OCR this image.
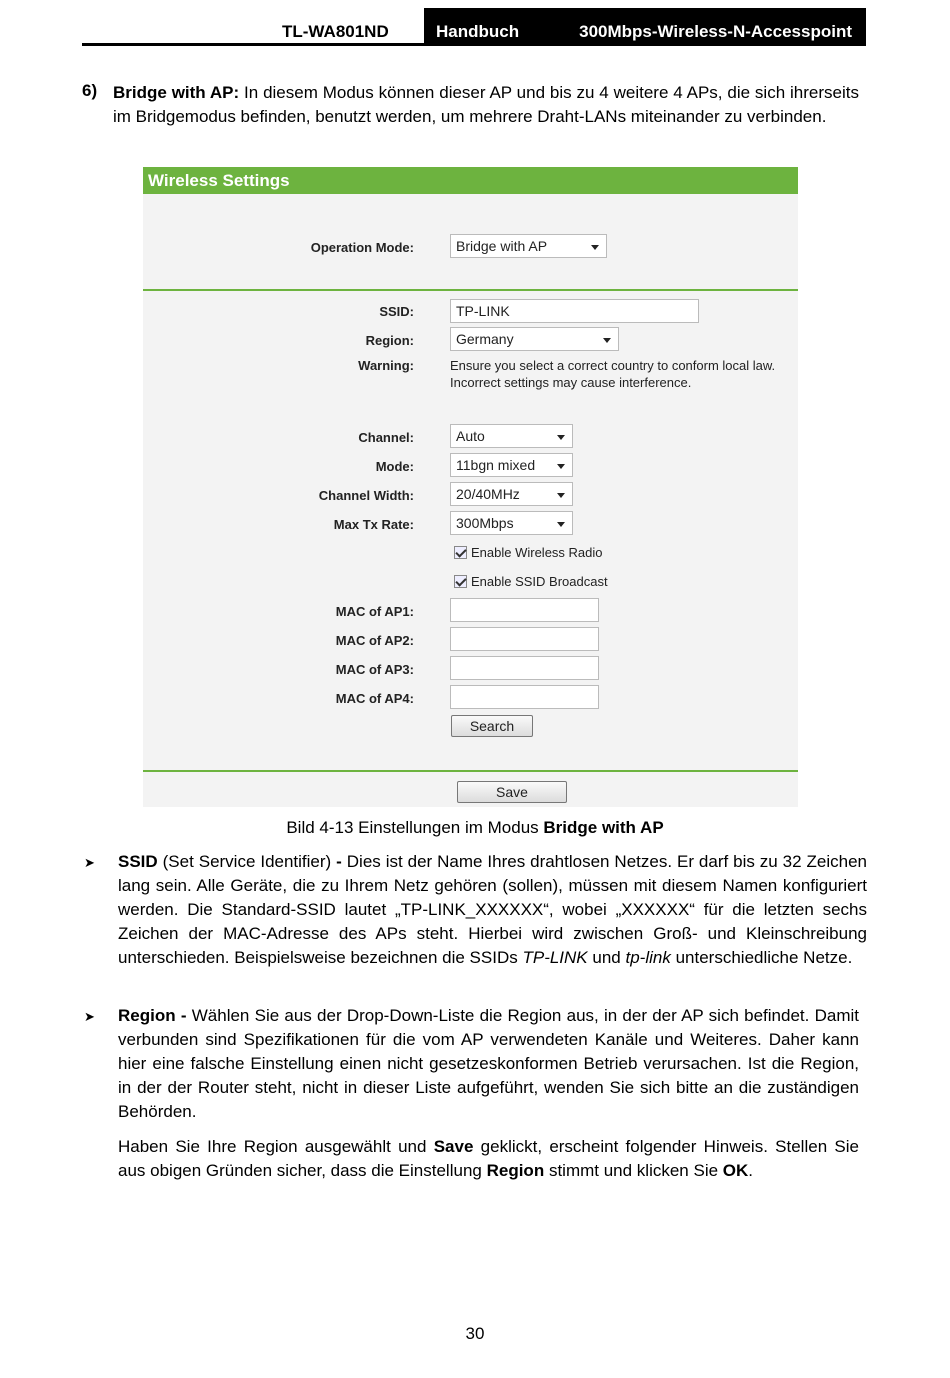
TL-WA801ND	Handbuch	300Mbps-Wireless-N-Accesspoint
6) Bridge with AP: In diesem Modus können dieser AP und bis zu 4 weitere 4 APs, die sich ihrerseits im Bridgemodus befinden, benutzt werden, um mehrere Draht-LANs miteinander zu verbinden.

Wireless Settings
Operation Mode:	Bridge with AP
SSID:	TP-LINK
Region:	Germany
Warning:	Ensure you select a correct country to conform local law.
Incorrect settings may cause interference.
Channel:	Auto
Mode:	11bgn mixed
Channel Width:	20/40MHz
Max Tx Rate:	300Mbps
Enable Wireless Radio
Enable SSID Broadcast
MAC of AP1:
MAC of AP2:
MAC of AP3:
MAC of AP4:
Search
Save
Bild 4-13 Einstellungen im Modus Bridge with AP
➤ SSID (Set Service Identifier) - Dies ist der Name Ihres drahtlosen Netzes. Er darf bis zu 32 Zeichen lang sein. Alle Geräte, die zu Ihrem Netz gehören (sollen), müssen mit diesem Namen konfiguriert werden. Die Standard-SSID lautet „TP-LINK_XXXXXX“, wobei „XXXXXX“ für die letzten sechs Zeichen der MAC-Adresse des APs steht. Hierbei wird zwischen Groß- und Kleinschreibung unterschieden. Beispielsweise bezeichnen die SSIDs TP-LINK und tp-link unterschiedliche Netze.

➤ Region - Wählen Sie aus der Drop-Down-Liste die Region aus, in der der AP sich befindet. Damit verbunden sind Spezifikationen für die vom AP verwendeten Kanäle und Weiteres. Daher kann hier eine falsche Einstellung einen nicht gesetzeskonformen Betrieb verursachen. Ist die Region, in der der Router steht, nicht in dieser Liste aufgeführt, wenden Sie sich bitte an die zuständigen Behörden.

Haben Sie Ihre Region ausgewählt und Save geklickt, erscheint folgender Hinweis. Stellen Sie aus obigen Gründen sicher, dass die Einstellung Region stimmt und klicken Sie OK.

30
